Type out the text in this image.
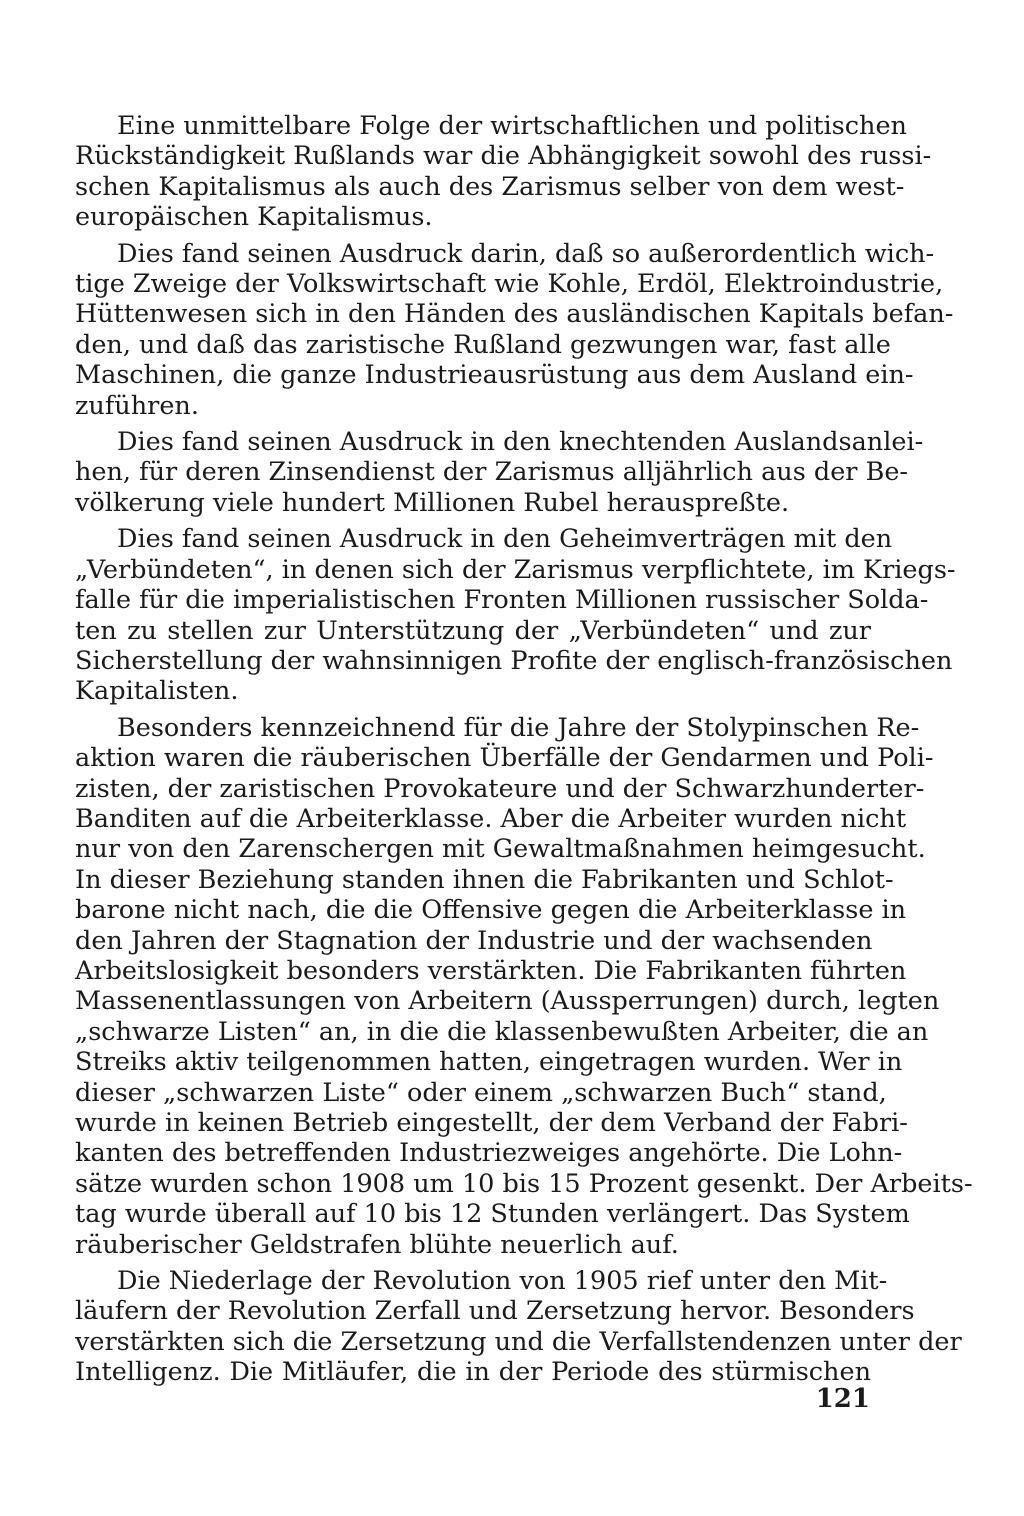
Eine unmittelbare Folge der wirtschaftlichen und politischen
Rückständigkeit Rußlands war die Abhängigkeit sowohl des russi-
schen Kapitalismus als auch des Zarismus selber von dem west-
europäischen Kapitalismus.
Dies fand seinen Ausdruck darin, daß so außerordentlich wich-
tige Zweige der Volkswirtschaft wie Kohle, Erdöl, Elektroindustrie,
Hüttenwesen sich in den Händen des ausländischen Kapitals befan-
den, und daß das zaristische Rußland gezwungen war, fast alle
Maschinen, die ganze Industrieausrüstung aus dem Ausland ein-
zuführen.
Dies fand seinen Ausdruck in den knechtenden Auslandsanlei-
hen, für deren Zinsendienst der Zarismus alljährlich aus der Be-
völkerung viele hundert Millionen Rubel herauspreßte.
Dies fand seinen Ausdruck in den Geheimverträgen mit den
„Verbündeten“, in denen sich der Zarismus verpflichtete, im Kriegs-
falle für die imperialistischen Fronten Millionen russischer Solda-
ten zu stellen zur Unterstützung der „Verbündeten“ und zur
Sicherstellung der wahnsinnigen Profite der englisch-französischen
Kapitalisten.
Besonders kennzeichnend für die Jahre der Stolypinschen Re-
aktion waren die räuberischen Überfälle der Gendarmen und Poli-
zisten, der zaristischen Provokateure und der Schwarzhunderter-
Banditen auf die Arbeiterklasse. Aber die Arbeiter wurden nicht
nur von den Zarenschergen mit Gewaltmaßnahmen heimgesucht.
In dieser Beziehung standen ihnen die Fabrikanten und Schlot-
barone nicht nach, die die Offensive gegen die Arbeiterklasse in
den Jahren der Stagnation der Industrie und der wachsenden
Arbeitslosigkeit besonders verstärkten. Die Fabrikanten führten
Massenentlassungen von Arbeitern (Aussperrungen) durch, legten
„schwarze Listen“ an, in die die klassenbewußten Arbeiter, die an
Streiks aktiv teilgenommen hatten, eingetragen wurden. Wer in
dieser „schwarzen Liste“ oder einem „schwarzen Buch“ stand,
wurde in keinen Betrieb eingestellt, der dem Verband der Fabri-
kanten des betreffenden Industriezweiges angehörte. Die Lohn-
sätze wurden schon 1908 um 10 bis 15 Prozent gesenkt. Der Arbeits-
tag wurde überall auf 10 bis 12 Stunden verlängert. Das System
räuberischer Geldstrafen blühte neuerlich auf.
Die Niederlage der Revolution von 1905 rief unter den Mit-
läufern der Revolution Zerfall und Zersetzung hervor. Besonders
verstärkten sich die Zersetzung und die Verfallstendenzen unter der
Intelligenz. Die Mitläufer, die in der Periode des stürmischen
121
